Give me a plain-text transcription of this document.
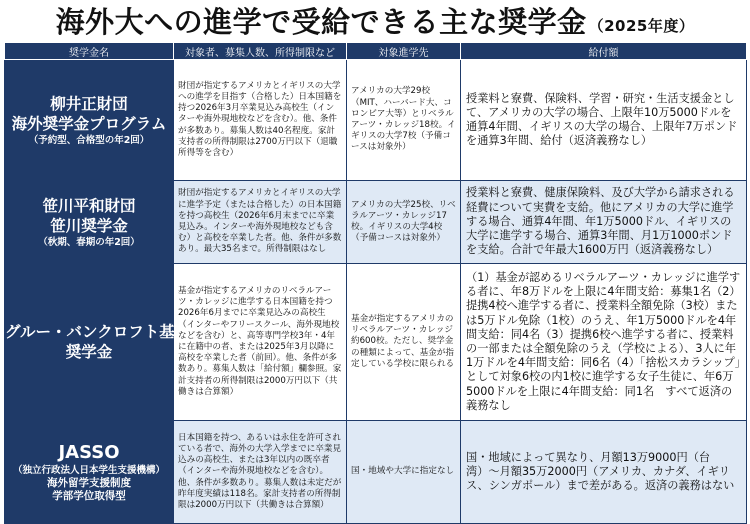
海外大への進学で受給できる主な奨学金 （2025年度）
奨学金名	対象者、募集人数、所得制限など	対象進学先	給付額

柳井正財団
海外奨学金プログラム
（予約型、合格型の年2回）	財団が指定するアメリカとイギリスの大学への進学を目指す（合格した）日本国籍を持つ2026年3月卒業見込み高校生（インターや海外現地校などを含む）。他、条件が多数あり。募集人数は40名程度。家計支持者の所得制限は2700万円以下（退職所得等を含む）	アメリカの大学29校（MIT、ハーバード大、コロンビア大等）とリベラルアーツ・カレッジ18校。イギリスの大学7校（予備コースは対象外）	授業料と寮費、保険料、学習・研究・生活支援金として、アメリカの大学の場合、上限年10万5000ドルを通算4年間、イギリスの大学の場合、上限年7万ポンドを通算3年間、給付（返済義務なし）

笹川平和財団
笹川奨学金
（秋期、春期の年2回）	財団が指定するアメリカとイギリスの大学に進学予定（または合格した）の日本国籍を持つ高校生（2026年6月末までに卒業見込み。インターや海外現地校なども含む）と高校を卒業した者。他、条件が多数あり。最大35名まで。所得制限はなし	アメリカの大学25校、リベラルアーツ・カレッジ17校。イギリスの大学4校（予備コースは対象外）	授業料と寮費、健康保険料、及び大学から請求される経費について実費を支給。他にアメリカの大学に進学する場合、通算4年間、年1万5000ドル、イギリスの大学に進学する場合、通算3年間、月1万1000ポンドを支給。合計で年最大1600万円（返済義務なし）

グルー・バンクロフト基金
奨学金	基金が指定するアメリカのリベラルアーツ・カレッジに進学する日本国籍を持つ2026年6月までに卒業見込みの高校生（インターやフリースクール、海外現地校などを含む）と、高等専門学校3年・4年に在籍中の者、または2025年3月以降に高校を卒業した者（前回）。他、条件が多数あり。募集人数は「給付額」欄参照。家計支持者の所得制限は2000万円以下（共働きは合算額）	基金が指定するアメリカのリベラルアーツ・カレッジ約600校。ただし、奨学金の種類によって、基金が指定している学校に限られる	（1）基金が認めるリベラルアーツ・カレッジに進学する者に、年8万ドルを上限に4年間支給：募集1名（2）提携4校へ進学する者に、授業料全額免除（3校）または5万ドル免除（1校）のうえ、年1万5000ドルを4年間支給：同4名（3）提携6校へ進学する者に、授業料の一部または全額免除のうえ（学校による）、3人に年1万ドルを4年間支給：同6名（4）「捨松スカラシップ」として対象6校の内1校に進学する女子生徒に、年6万5000ドルを上限に4年間支給：同1名　すべて返済の義務なし

JASSO
（独立行政法人日本学生支援機構）
海外留学支援制度
学部学位取得型	日本国籍を持つ、あるいは永住を許可されている者で、海外の大学入学までに卒業見込みの高校生、または3年以内の既卒者（インターや海外現地校などを含む）。他、条件が多数あり。募集人数は未定だが昨年度実績は118名。家計支持者の所得制限は2000万円以下（共働きは合算額）	国・地域や大学に指定なし	国・地域によって異なり、月額13万9000円（台湾）〜月額35万2000円（アメリカ、カナダ、イギリス、シンガポール）まで差がある。返済の義務はない
